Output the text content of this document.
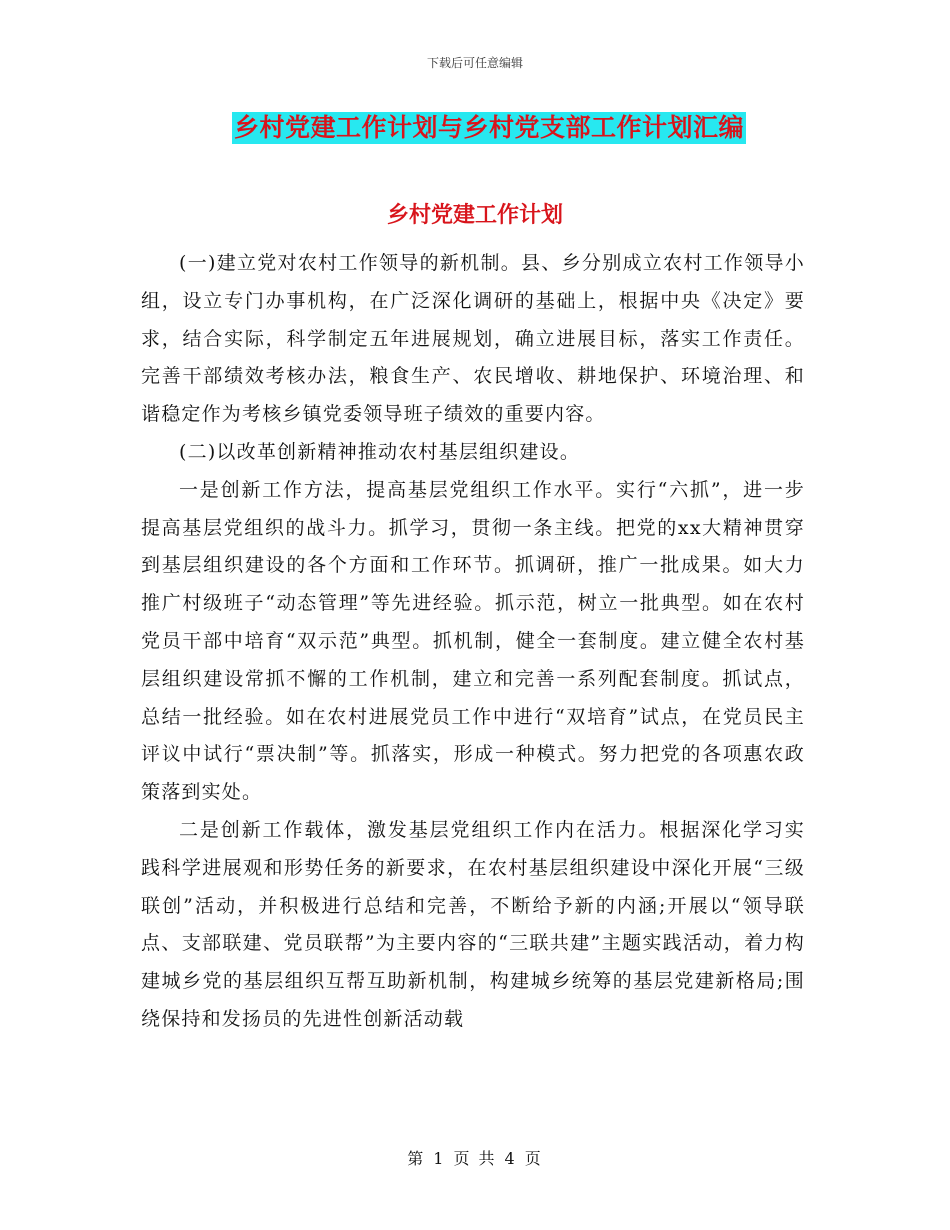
下载后可任意编辑
乡村党建工作计划与乡村党支部工作计划汇编
乡村党建工作计划

(一)建立党对农村工作领导的新机制。县、乡分别成立农村工作领导小组，设立专门办事机构，在广泛深化调研的基础上，根据中央《决定》要求，结合实际，科学制定五年进展规划，确立进展目标，落实工作责任。完善干部绩效考核办法，粮食生产、农民增收、耕地保护、环境治理、和谐稳定作为考核乡镇党委领导班子绩效的重要内容。

(二)以改革创新精神推动农村基层组织建设。

一是创新工作方法，提高基层党组织工作水平。实行“六抓”，进一步提高基层党组织的战斗力。抓学习，贯彻一条主线。把党的xx大精神贯穿到基层组织建设的各个方面和工作环节。抓调研，推广一批成果。如大力推广村级班子“动态管理”等先进经验。抓示范，树立一批典型。如在农村党员干部中培育“双示范”典型。抓机制，健全一套制度。建立健全农村基层组织建设常抓不懈的工作机制，建立和完善一系列配套制度。抓试点，总结一批经验。如在农村进展党员工作中进行“双培育”试点，在党员民主评议中试行“票决制”等。抓落实，形成一种模式。努力把党的各项惠农政策落到实处。

二是创新工作载体，激发基层党组织工作内在活力。根据深化学习实践科学进展观和形势任务的新要求，在农村基层组织建设中深化开展“三级联创”活动，并积极进行总结和完善，不断给予新的内涵;开展以“领导联点、支部联建、党员联帮”为主要内容的“三联共建”主题实践活动，着力构建城乡党的基层组织互帮互助新机制，构建城乡统筹的基层党建新格局;围绕保持和发扬员的先进性创新活动载

第 1 页 共 4 页
